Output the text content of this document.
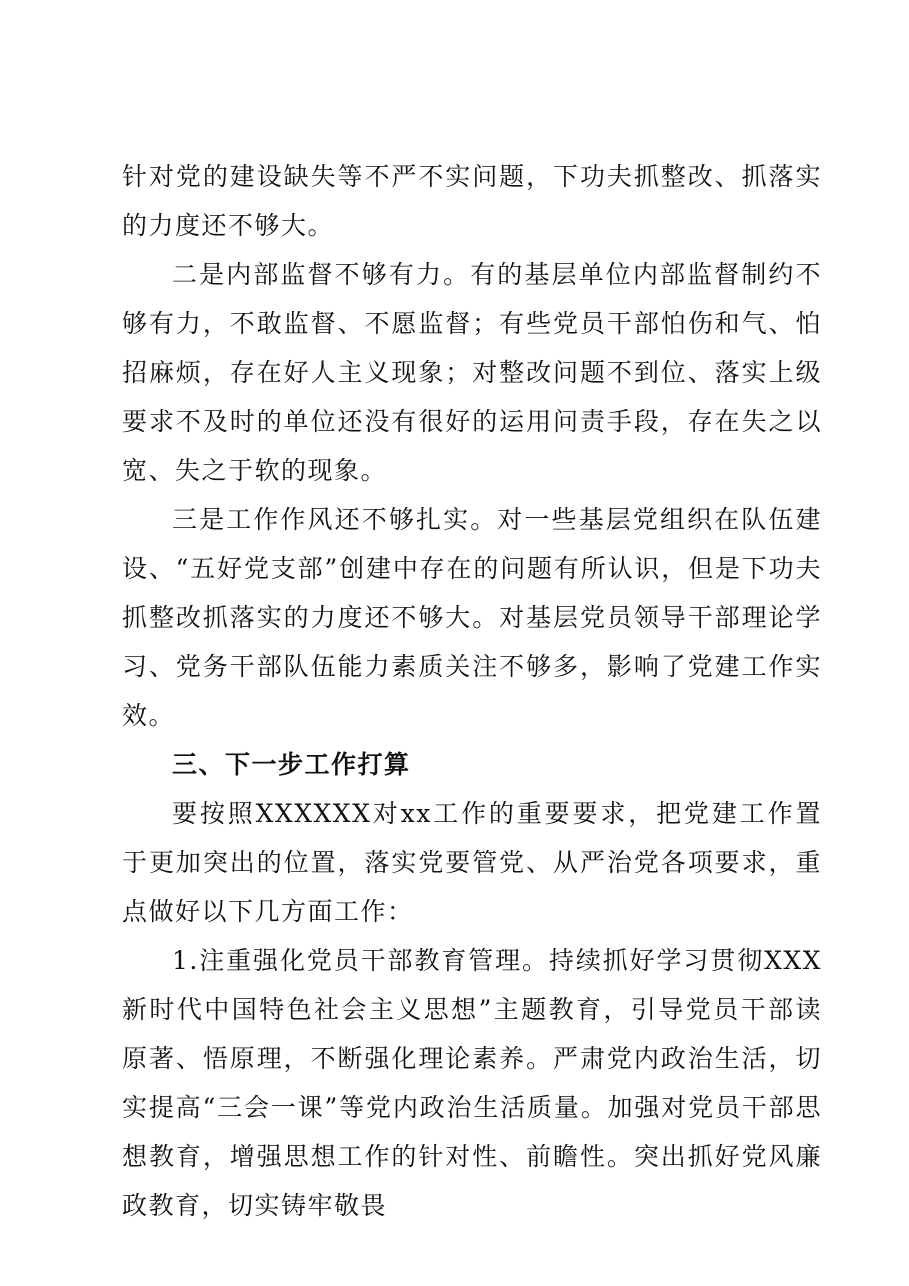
针对党的建设缺失等不严不实问题，下功夫抓整改、抓落实的力度还不够大。

二是内部监督不够有力。有的基层单位内部监督制约不够有力，不敢监督、不愿监督；有些党员干部怕伤和气、怕招麻烦，存在好人主义现象；对整改问题不到位、落实上级要求不及时的单位还没有很好的运用问责手段，存在失之以宽、失之于软的现象。

三是工作作风还不够扎实。对一些基层党组织在队伍建设、“五好党支部”创建中存在的问题有所认识，但是下功夫抓整改抓落实的力度还不够大。对基层党员领导干部理论学习、党务干部队伍能力素质关注不够多，影响了党建工作实效。

三、下一步工作打算

要按照XXXXXX对xx工作的重要要求，把党建工作置于更加突出的位置，落实党要管党、从严治党各项要求，重点做好以下几方面工作：

1.注重强化党员干部教育管理。持续抓好学习贯彻XXX新时代中国特色社会主义思想”主题教育，引导党员干部读原著、悟原理，不断强化理论素养。严肃党内政治生活，切实提高“三会一课”等党内政治生活质量。加强对党员干部思想教育，增强思想工作的针对性、前瞻性。突出抓好党风廉政教育，切实铸牢敬畏
